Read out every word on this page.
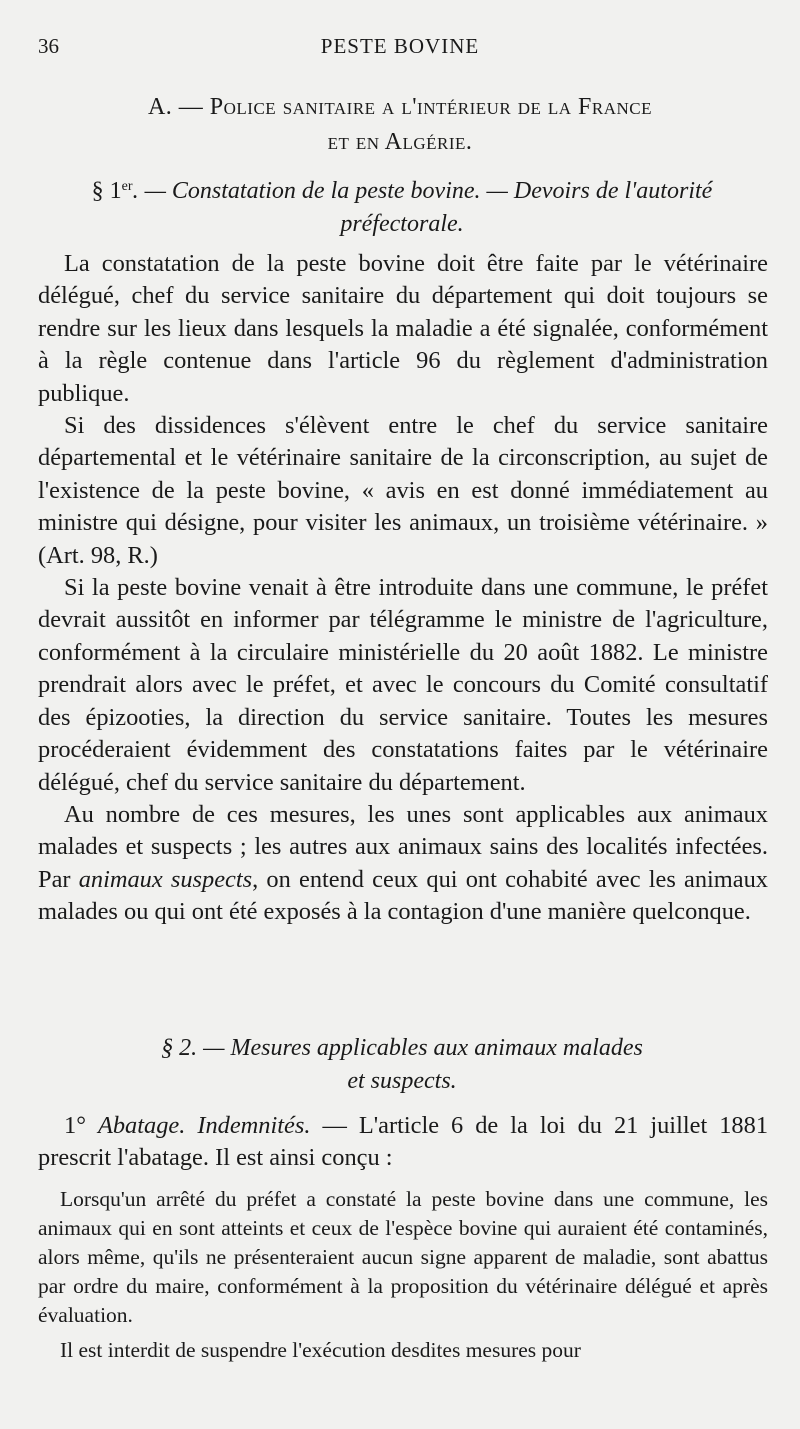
36	PESTE BOVINE
A. — Police sanitaire a l'intérieur de la France
et en Algérie.
§ 1er. — Constatation de la peste bovine. — Devoirs de l'autorité
préfectorale.

La constatation de la peste bovine doit être faite par le vétérinaire délégué, chef du service sanitaire du département qui doit toujours se rendre sur les lieux dans lesquels la maladie a été signalée, conformément à la règle contenue dans l'article 96 du règlement d'administration publique.

Si des dissidences s'élèvent entre le chef du service sanitaire départemental et le vétérinaire sanitaire de la circonscription, au sujet de l'existence de la peste bovine, « avis en est donné immédiatement au ministre qui désigne, pour visiter les animaux, un troisième vétérinaire. » (Art. 98, R.)

Si la peste bovine venait à être introduite dans une commune, le préfet devrait aussitôt en informer par télégramme le ministre de l'agriculture, conformément à la circulaire ministérielle du 20 août 1882. Le ministre prendrait alors avec le préfet, et avec le concours du Comité consultatif des épizooties, la direction du service sanitaire. Toutes les mesures procéderaient évidemment des constatations faites par le vétérinaire délégué, chef du service sanitaire du département.

Au nombre de ces mesures, les unes sont applicables aux animaux malades et suspects ; les autres aux animaux sains des localités infectées. Par animaux suspects, on entend ceux qui ont cohabité avec les animaux malades ou qui ont été exposés à la contagion d'une manière quelconque.

§ 2. — Mesures applicables aux animaux malades
et suspects.

1° Abatage. Indemnités. — L'article 6 de la loi du 21 juillet 1881 prescrit l'abatage. Il est ainsi conçu :

Lorsqu'un arrêté du préfet a constaté la peste bovine dans une commune, les animaux qui en sont atteints et ceux de l'espèce bovine qui auraient été contaminés, alors même, qu'ils ne présenteraient aucun signe apparent de maladie, sont abattus par ordre du maire, conformément à la proposition du vétérinaire délégué et après évaluation.

Il est interdit de suspendre l'exécution desdites mesures pour
